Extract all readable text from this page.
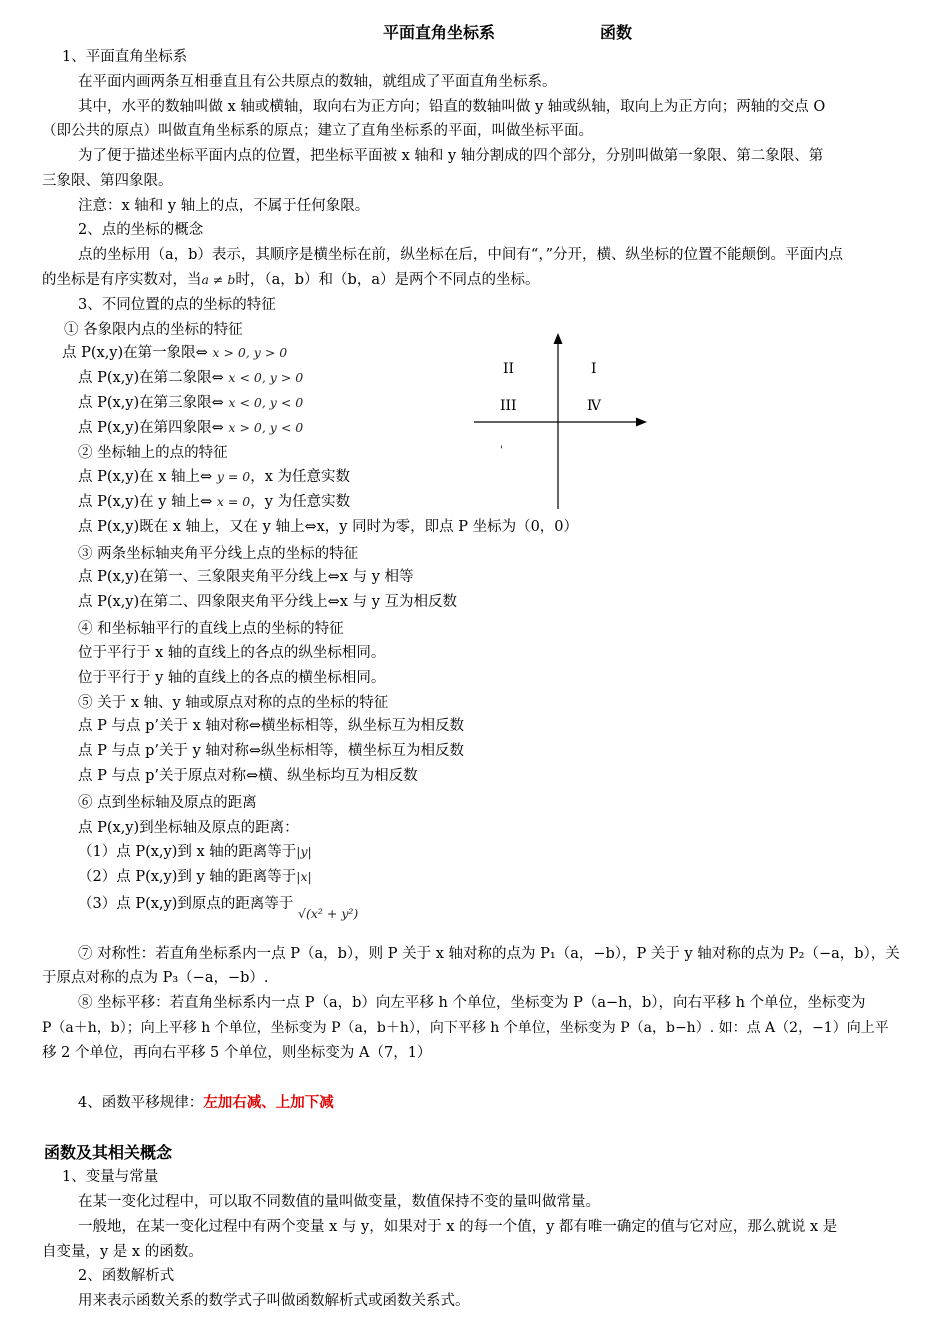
平面直角坐标系	函数
1、平面直角坐标系
在平面内画两条互相垂直且有公共原点的数轴，就组成了平面直角坐标系。
其中，水平的数轴叫做 x 轴或横轴，取向右为正方向；铅直的数轴叫做 y 轴或纵轴，取向上为正方向；两轴的交点 O
（即公共的原点）叫做直角坐标系的原点；建立了直角坐标系的平面，叫做坐标平面。
为了便于描述坐标平面内点的位置，把坐标平面被 x 轴和 y 轴分割成的四个部分，分别叫做第一象限、第二象限、第
三象限、第四象限。
注意：x 轴和 y 轴上的点，不属于任何象限。
2、点的坐标的概念
点的坐标用（a，b）表示，其顺序是横坐标在前，纵坐标在后，中间有“，”分开，横、纵坐标的位置不能颠倒。平面内点
的坐标是有序实数对，当a ≠ b时，（a，b）和（b，a）是两个不同点的坐标。
3、不同位置的点的坐标的特征
① 各象限内点的坐标的特征
点 P(x,y)在第一象限⇔ x > 0, y > 0
点 P(x,y)在第二象限⇔ x < 0, y > 0
点 P(x,y)在第三象限⇔ x < 0, y < 0
点 P(x,y)在第四象限⇔ x > 0, y < 0
② 坐标轴上的点的特征
点 P(x,y)在 x 轴上⇔ y = 0，x 为任意实数
点 P(x,y)在 y 轴上⇔ x = 0，y 为任意实数
点 P(x,y)既在 x 轴上，又在 y 轴上⇔x，y 同时为零，即点 P 坐标为（0，0）
II	I
III	Ⅳ
'
③ 两条坐标轴夹角平分线上点的坐标的特征
点 P(x,y)在第一、三象限夹角平分线上⇔x 与 y 相等
点 P(x,y)在第二、四象限夹角平分线上⇔x 与 y 互为相反数
④ 和坐标轴平行的直线上点的坐标的特征
位于平行于 x 轴的直线上的各点的纵坐标相同。
位于平行于 y 轴的直线上的各点的横坐标相同。
⑤ 关于 x 轴、y 轴或原点对称的点的坐标的特征
点 P 与点 p’关于 x 轴对称⇔横坐标相等，纵坐标互为相反数
点 P 与点 p’关于 y 轴对称⇔纵坐标相等，横坐标互为相反数
点 P 与点 p’关于原点对称⇔横、纵坐标均互为相反数
⑥ 点到坐标轴及原点的距离
点 P(x,y)到坐标轴及原点的距离：
（1）点 P(x,y)到 x 轴的距离等于|y|
（2）点 P(x,y)到 y 轴的距离等于|x|
（3）点 P(x,y)到原点的距离等于 √(x² + y²)
⑦ 对称性：若直角坐标系内一点 P（a，b），则 P 关于 x 轴对称的点为 P₁（a，−b），P 关于 y 轴对称的点为 P₂（−a，b），关
于原点对称的点为 P₃（−a，−b）.
⑧ 坐标平移：若直角坐标系内一点 P（a，b）向左平移 h 个单位，坐标变为 P（a−h，b），向右平移 h 个单位，坐标变为
P（a＋h，b）；向上平移 h 个单位，坐标变为 P（a，b＋h），向下平移 h 个单位，坐标变为 P（a，b−h）. 如：点 A（2，−1）向上平
移 2 个单位，再向右平移 5 个单位，则坐标变为 A（7，1）
4、函数平移规律：左加右减、上加下减
函数及其相关概念
1、变量与常量
在某一变化过程中，可以取不同数值的量叫做变量，数值保持不变的量叫做常量。
一般地，在某一变化过程中有两个变量 x 与 y，如果对于 x 的每一个值，y 都有唯一确定的值与它对应，那么就说 x 是
自变量，y 是 x 的函数。
2、函数解析式
用来表示函数关系的数学式子叫做函数解析式或函数关系式。
